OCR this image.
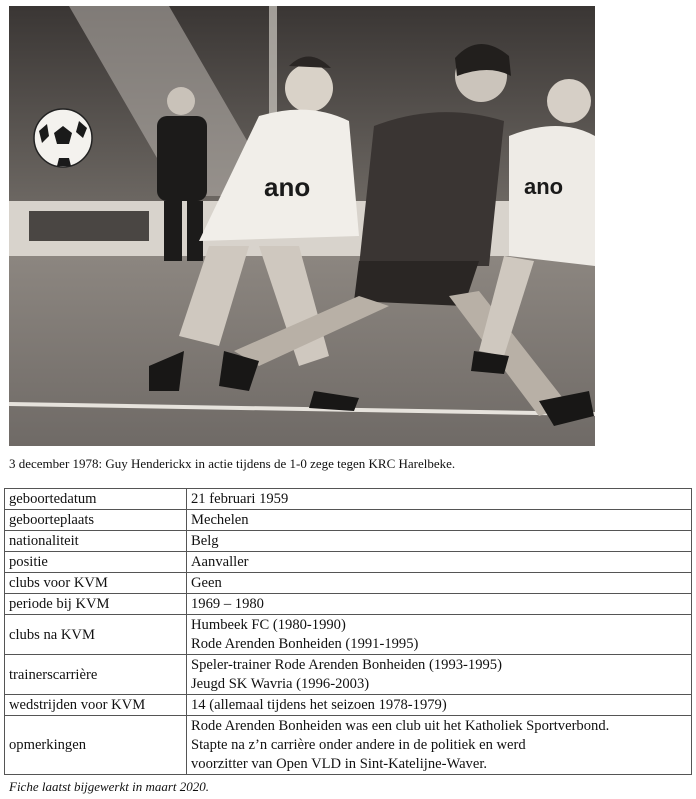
ano	ano
3 december 1978: Guy Henderickx in actie tijdens de 1-0 zege tegen KRC Harelbeke.
geboortedatum	21 februari 1959

geboorteplaats	Mechelen

nationaliteit	Belg

positie	Aanvaller

clubs voor KVM	Geen

periode bij KVM	1969 – 1980

clubs na KVM	Humbeek FC (1980-1990)
Rode Arenden Bonheiden (1991-1995)

trainerscarrière	Speler-trainer Rode Arenden Bonheiden (1993-1995)
Jeugd SK Wavria (1996-2003)

wedstrijden voor KVM	14 (allemaal tijdens het seizoen 1978-1979)

opmerkingen	Rode Arenden Bonheiden was een club uit het Katholiek Sportverbond.
Stapte na z’n carrière onder andere in de politiek en werd
voorzitter van Open VLD in Sint-Katelijne-Waver.
Fiche laatst bijgewerkt in maart 2020.
